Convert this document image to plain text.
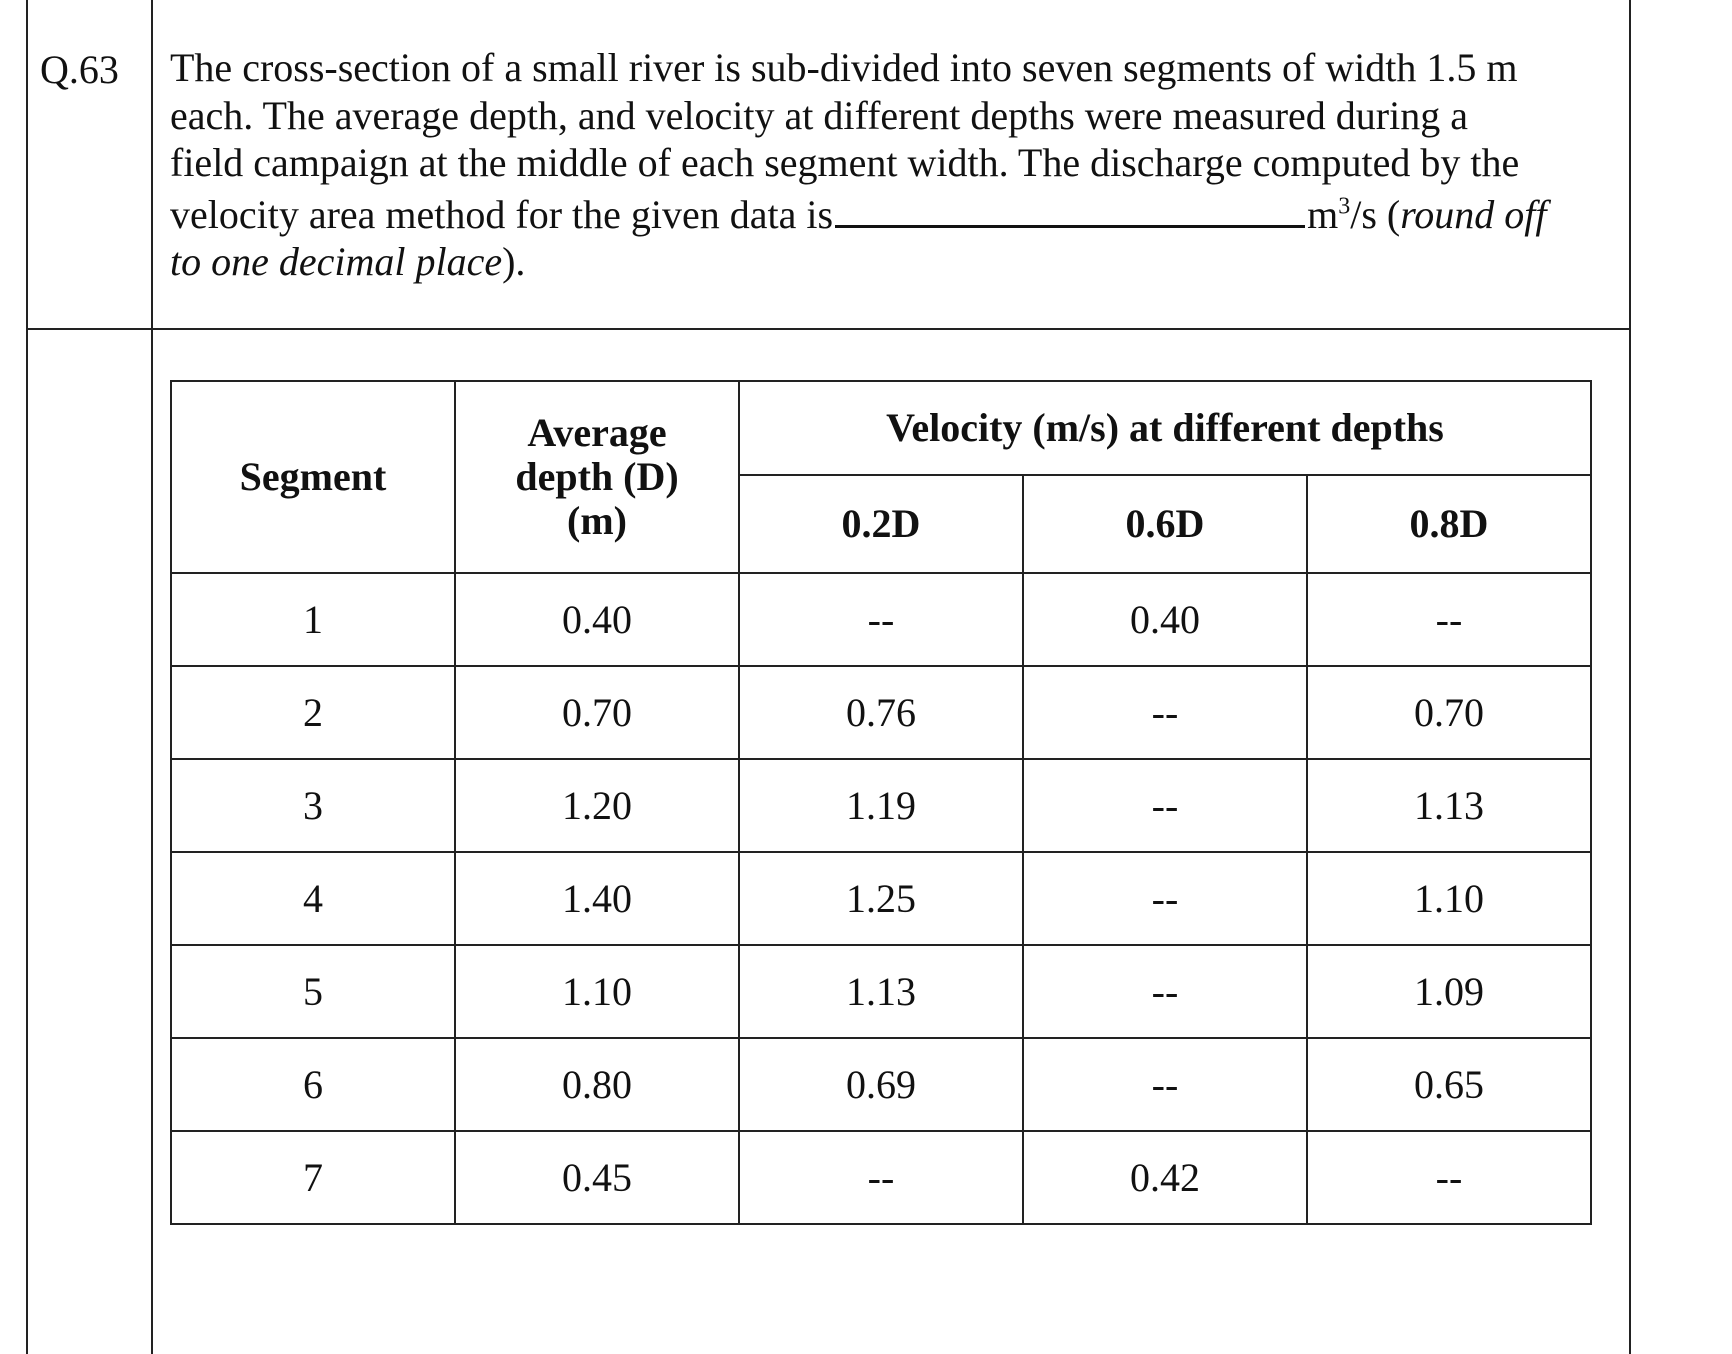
Q.63 The cross-section of a small river is sub-divided into seven segments of width 1.5 m
each. The average depth, and velocity at different depths were measured during a
field campaign at the middle of each segment width. The discharge computed by the
velocity area method for the given data is	$m^3/s$ (round off
to one decimal place).
Segment	Average
depth (D)
(m)	Velocity (m/s) at different depths		
		0.2D	0.6D	0.8D
1	0.40	--	0.40	--
2	0.70	0.76	--	0.70
3	1.20	1.19	--	1.13
4	1.40	1.25	--	1.10
5	1.10	1.13	--	1.09
6	0.80	0.69	--	0.65
7	0.45	--	0.42	--
